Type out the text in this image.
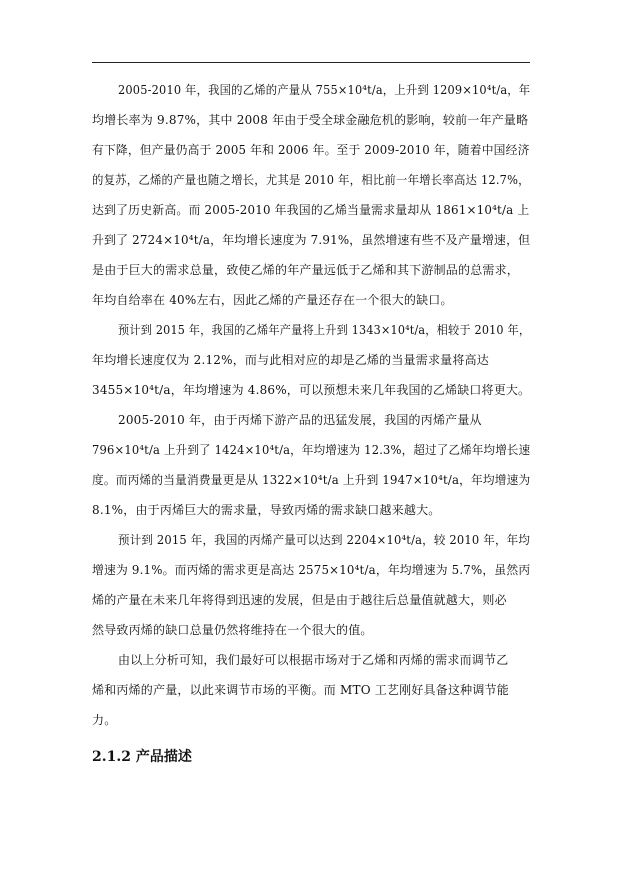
2005-2010 年，我国的乙烯的产量从 755×10⁴t/a，上升到 1209×10⁴t/a，年
均增长率为 9.87%，其中 2008 年由于受全球金融危机的影响，较前一年产量略
有下降，但产量仍高于 2005 年和 2006 年。至于 2009-2010 年，随着中国经济
的复苏，乙烯的产量也随之增长，尤其是 2010 年，相比前一年增长率高达 12.7%，
达到了历史新高。而 2005-2010 年我国的乙烯当量需求量却从 1861×10⁴t/a 上
升到了 2724×10⁴t/a，年均增长速度为 7.91%，虽然增速有些不及产量增速，但
是由于巨大的需求总量，致使乙烯的年产量远低于乙烯和其下游制品的总需求，
年均自给率在 40%左右，因此乙烯的产量还存在一个很大的缺口。
预计到 2015 年，我国的乙烯年产量将上升到 1343×10⁴t/a，相较于 2010 年，
年均增长速度仅为 2.12%，而与此相对应的却是乙烯的当量需求量将高达
3455×10⁴t/a，年均增速为 4.86%，可以预想未来几年我国的乙烯缺口将更大。
2005-2010 年，由于丙烯下游产品的迅猛发展，我国的丙烯产量从
796×10⁴t/a 上升到了 1424×10⁴t/a，年均增速为 12.3%，超过了乙烯年均增长速
度。而丙烯的当量消费量更是从 1322×10⁴t/a 上升到 1947×10⁴t/a，年均增速为
8.1%，由于丙烯巨大的需求量，导致丙烯的需求缺口越来越大。
预计到 2015 年，我国的丙烯产量可以达到 2204×10⁴t/a，较 2010 年，年均
增速为 9.1%。而丙烯的需求更是高达 2575×10⁴t/a，年均增速为 5.7%，虽然丙
烯的产量在未来几年将得到迅速的发展，但是由于越往后总量值就越大，则必
然导致丙烯的缺口总量仍然将维持在一个很大的值。
由以上分析可知，我们最好可以根据市场对于乙烯和丙烯的需求而调节乙
烯和丙烯的产量，以此来调节市场的平衡。而 MTO 工艺刚好具备这种调节能
力。
2.1.2 产品描述
